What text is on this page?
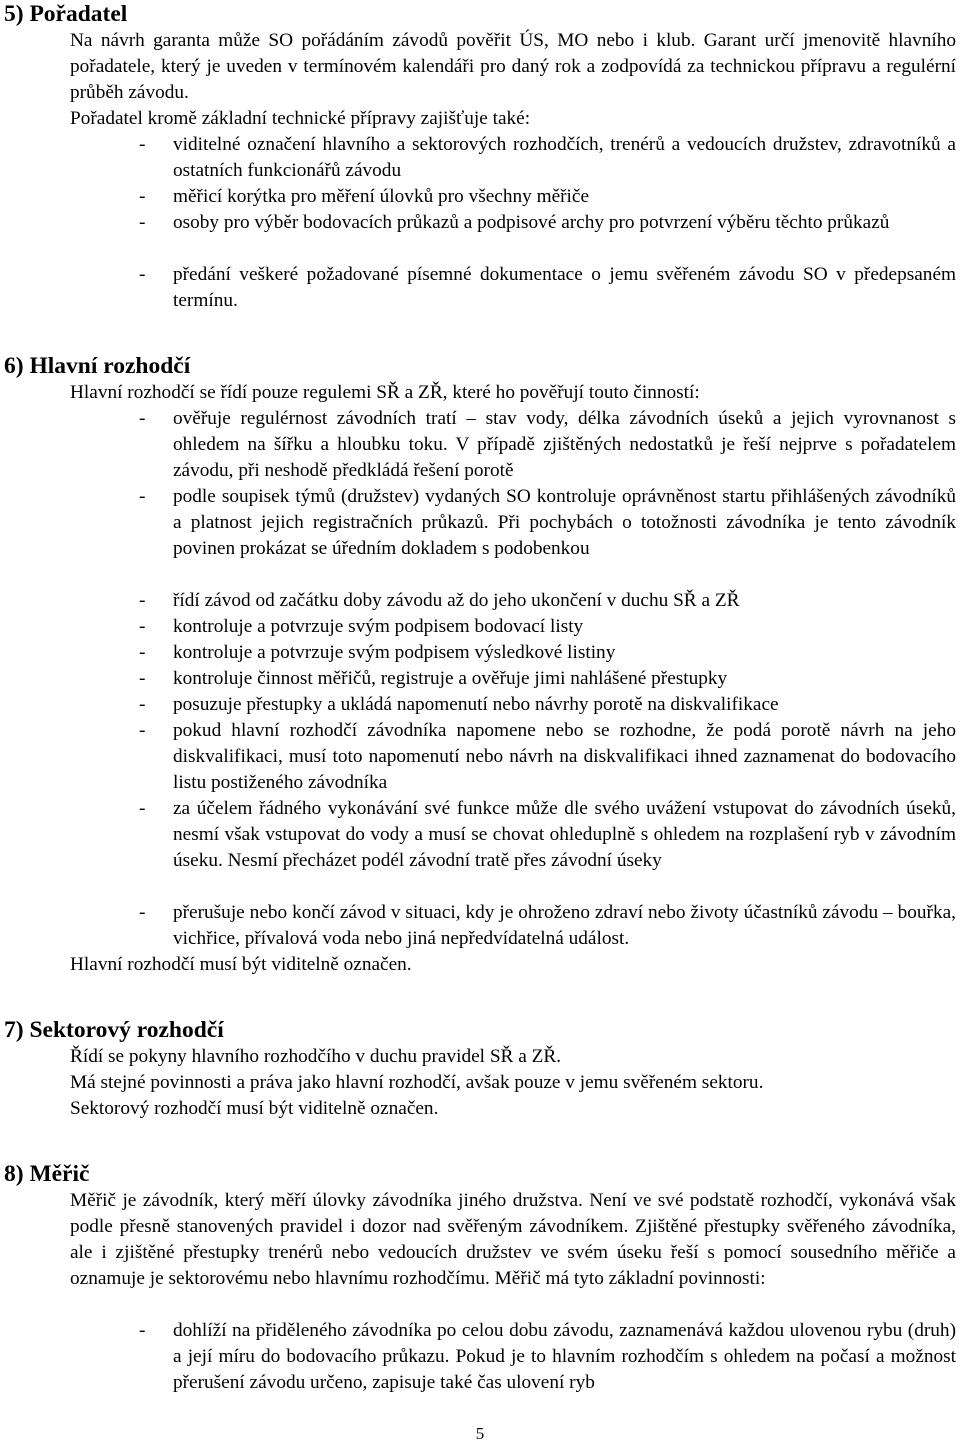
5) Pořadatel

Na návrh garanta může SO pořádáním závodů pověřit ÚS, MO nebo i klub. Garant určí jmenovitě hlavního pořadatele, který je uveden v termínovém kalendáři pro daný rok a zodpovídá za technickou přípravu a regulérní průběh závodu.

Pořadatel kromě základní technické přípravy zajišťuje také:

- viditelné označení hlavního a sektorových rozhodčích, trenérů a vedoucích družstev, zdravotníků a ostatních funkcionářů závodu

- měřicí korýtka pro měření úlovků pro všechny měřiče

- osoby pro výběr bodovacích průkazů a podpisové archy pro potvrzení výběru těchto průkazů

- předání veškeré požadované písemné dokumentace o jemu svěřeném závodu SO v předepsaném termínu.

6) Hlavní rozhodčí

Hlavní rozhodčí se řídí pouze regulemi SŘ a ZŘ, které ho pověřují touto činností:

- ověřuje regulérnost závodních tratí – stav vody, délka závodních úseků a jejich vyrovnanost s ohledem na šířku a hloubku toku. V případě zjištěných nedostatků je řeší nejprve s pořadatelem závodu, při neshodě předkládá řešení porotě

- podle soupisek týmů (družstev) vydaných SO kontroluje oprávněnost startu přihlášených závodníků a platnost jejich registračních průkazů. Při pochybách o totožnosti závodníka je tento závodník povinen prokázat se úředním dokladem s podobenkou

- řídí závod od začátku doby závodu až do jeho ukončení v duchu SŘ a ZŘ

- kontroluje a potvrzuje svým podpisem bodovací listy

- kontroluje a potvrzuje svým podpisem výsledkové listiny

- kontroluje činnost měřičů, registruje a ověřuje jimi nahlášené přestupky

- posuzuje přestupky a ukládá napomenutí nebo návrhy porotě na diskvalifikace

- pokud hlavní rozhodčí závodníka napomene nebo se rozhodne, že podá porotě návrh na jeho diskvalifikaci, musí toto napomenutí nebo návrh na diskvalifikaci ihned zaznamenat do bodovacího listu postiženého závodníka

- za účelem řádného vykonávání své funkce může dle svého uvážení vstupovat do závodních úseků, nesmí však vstupovat do vody a musí se chovat ohleduplně s ohledem na rozplašení ryb v závodním úseku. Nesmí přecházet podél závodní tratě přes závodní úseky

- přerušuje nebo končí závod v situaci, kdy je ohroženo zdraví nebo životy účastníků závodu – bouřka, vichřice, přívalová voda nebo jiná nepředvídatelná událost.

Hlavní rozhodčí musí být viditelně označen.

7) Sektorový rozhodčí

Řídí se pokyny hlavního rozhodčího v duchu pravidel SŘ a ZŘ.

Má stejné povinnosti a práva jako hlavní rozhodčí, avšak pouze v jemu svěřeném sektoru.

Sektorový rozhodčí musí být viditelně označen.

8) Měřič

Měřič je závodník, který měří úlovky závodníka jiného družstva. Není ve své podstatě rozhodčí, vykonává však podle přesně stanovených pravidel i dozor nad svěřeným závodníkem. Zjištěné přestupky svěřeného závodníka, ale i zjištěné přestupky trenérů nebo vedoucích družstev ve svém úseku řeší s pomocí sousedního měřiče a oznamuje je sektorovému nebo hlavnímu rozhodčímu. Měřič má tyto základní povinnosti:

- dohlíží na přiděleného závodníka po celou dobu závodu, zaznamenává každou ulovenou rybu (druh) a její míru do bodovacího průkazu. Pokud je to hlavním rozhodčím s ohledem na počasí a možnost přerušení závodu určeno, zapisuje také čas ulovení ryb

5
